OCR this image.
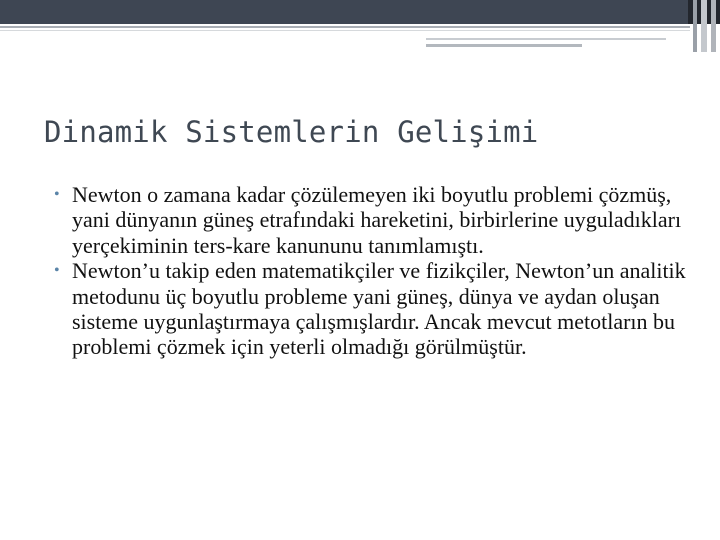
Dinamik Sistemlerin Gelişimi

• Newton o zamana kadar çözülemeyen iki boyutlu problemi çözmüş, yani dünyanın güneş etrafındaki hareketini, birbirlerine uyguladıkları yerçekiminin ters-kare kanununu tanımlamıştı.

• Newton’u takip eden matematikçiler ve fizikçiler, Newton’un analitik metodunu üç boyutlu probleme yani güneş, dünya ve aydan oluşan sisteme uygunlaştırmaya çalışmışlardır. Ancak mevcut metotların bu problemi çözmek için yeterli olmadığı görülmüştür.
